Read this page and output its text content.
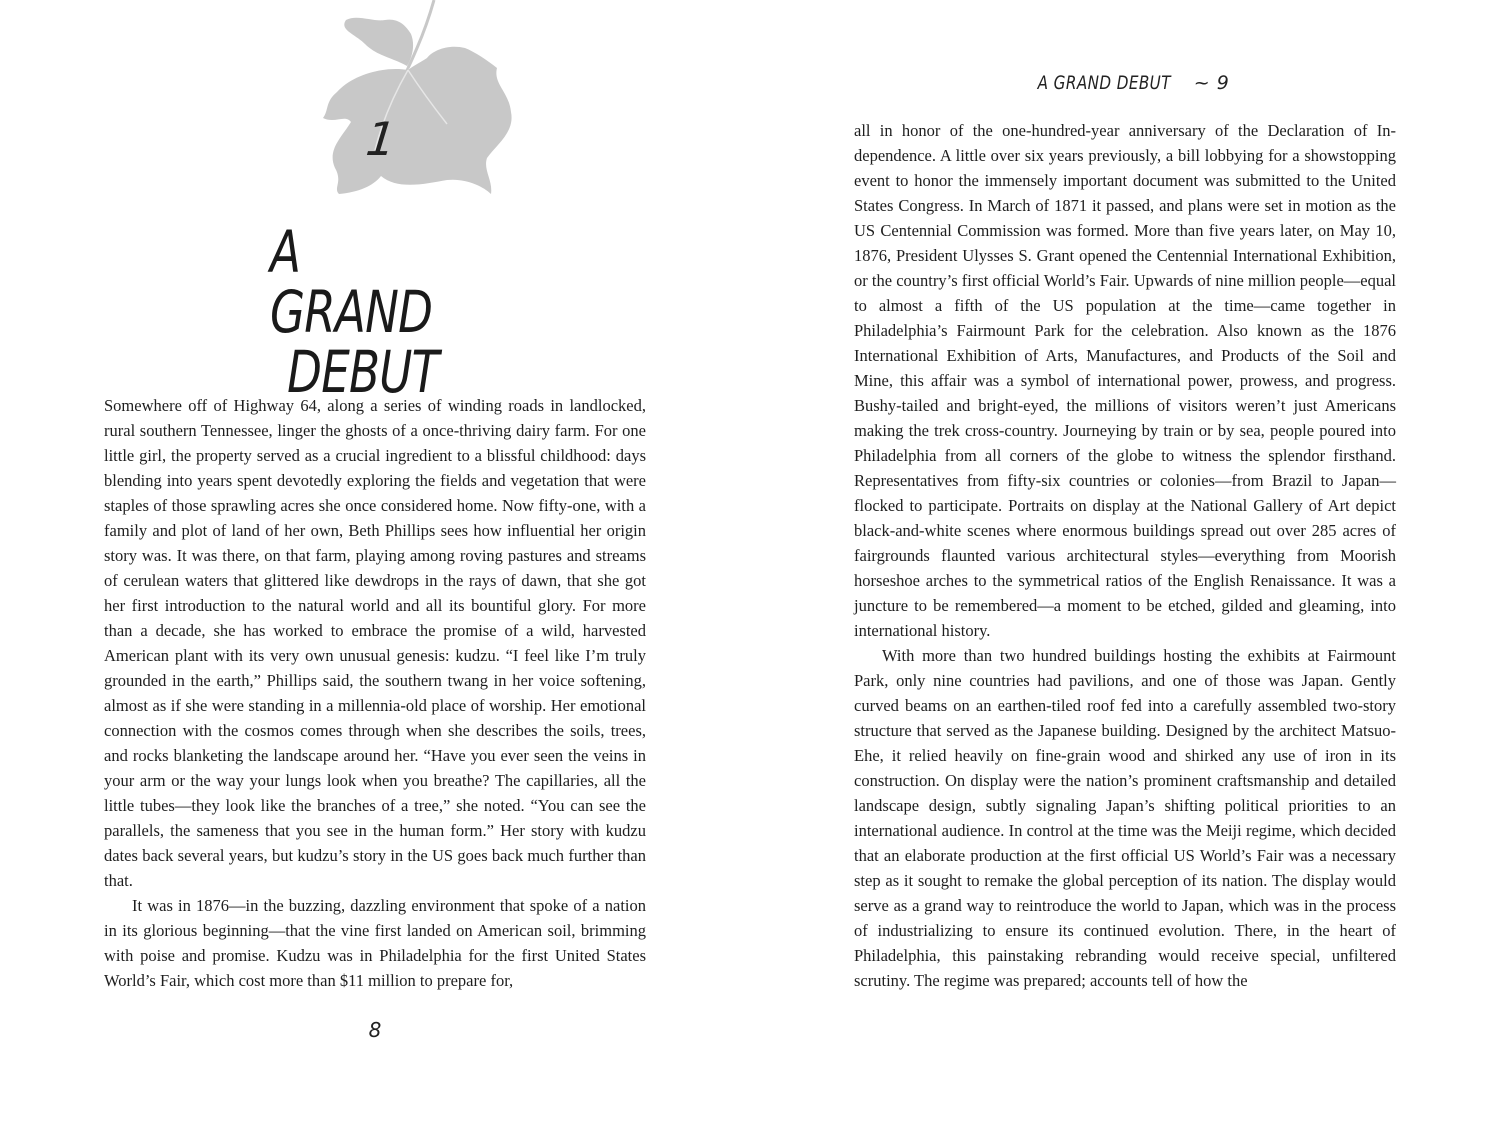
1
A GRAND
DEBUT

Somewhere off of Highway 64, along a series of winding roads in landlocked, rural southern Tennessee, linger the ghosts of a once-thriving dairy farm. For one little girl, the property served as a crucial ingredient to a blissful childhood: days blending into years spent devotedly exploring the fields and vegetation that were staples of those sprawling acres she once considered home. Now fifty-one, with a family and plot of land of her own, Beth Phillips sees how influential her origin story was. It was there, on that farm, playing among roving pastures and streams of cerulean waters that glittered like dewdrops in the rays of dawn, that she got her first introduction to the natural world and all its bountiful glory. For more than a decade, she has worked to embrace the promise of a wild, harvested American plant with its very own unusual genesis: kudzu. “I feel like I’m truly grounded in the earth,” Phillips said, the southern twang in her voice softening, almost as if she were standing in a millennia-old place of worship. Her emotional connection with the cosmos comes through when she describes the soils, trees, and rocks blanketing the landscape around her. “Have you ever seen the veins in your arm or the way your lungs look when you breathe? The capillaries, all the little tubes—they look like the branches of a tree,” she noted. “You can see the parallels, the sameness that you see in the human form.” Her story with kudzu dates back several years, but kudzu’s story in the US goes back much further than that.

It was in 1876—in the buzzing, dazzling environment that spoke of a nation in its glorious beginning—that the vine first landed on American soil, brimming with poise and promise. Kudzu was in Philadelphia for the first United States World’s Fair, which cost more than $11 million to prepare for,

8
A GRAND DEBUT ~ 9

all in honor of the one-hundred-year anniversary of the Declaration of Independence. A little over six years previously, a bill lobbying for a showstopping event to honor the immensely important document was submitted to the United States Congress. In March of 1871 it passed, and plans were set in motion as the US Centennial Commission was formed. More than five years later, on May 10, 1876, President Ulysses S. Grant opened the Centennial International Exhibition, or the country’s first official World’s Fair. Upwards of nine million people—equal to almost a fifth of the US population at the time—came together in Philadelphia’s Fairmount Park for the celebration. Also known as the 1876 International Exhibition of Arts, Manufactures, and Products of the Soil and Mine, this affair was a symbol of international power, prowess, and progress. Bushy-tailed and bright-eyed, the millions of visitors weren’t just Americans making the trek cross-country. Journeying by train or by sea, people poured into Philadelphia from all corners of the globe to witness the splendor firsthand. Representatives from fifty-six countries or colonies—from Brazil to Japan—flocked to participate. Portraits on display at the National Gallery of Art depict black-and-white scenes where enormous buildings spread out over 285 acres of fairgrounds flaunted various architectural styles—everything from Moorish horseshoe arches to the symmetrical ratios of the English Renaissance. It was a juncture to be remembered—a moment to be etched, gilded and gleaming, into international history.

With more than two hundred buildings hosting the exhibits at Fairmount Park, only nine countries had pavilions, and one of those was Japan. Gently curved beams on an earthen-tiled roof fed into a carefully assembled two-story structure that served as the Japanese building. Designed by the architect Matsuo-Ehe, it relied heavily on fine-grain wood and shirked any use of iron in its construction. On display were the nation’s prominent craftsmanship and detailed landscape design, subtly signaling Japan’s shifting political priorities to an international audience. In control at the time was the Meiji regime, which decided that an elaborate production at the first official US World’s Fair was a necessary step as it sought to remake the global perception of its nation. The display would serve as a grand way to reintroduce the world to Japan, which was in the process of industrializing to ensure its continued evolution. There, in the heart of Philadelphia, this painstaking rebranding would receive special, unfiltered scrutiny. The regime was prepared; accounts tell of how the
